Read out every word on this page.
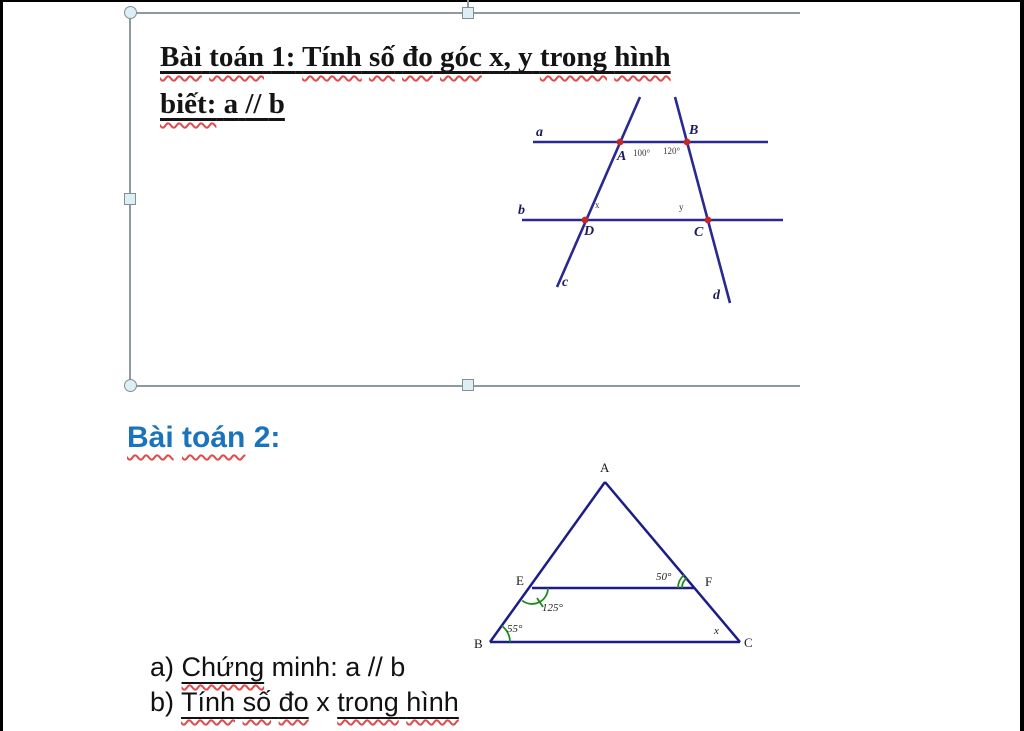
Bài toán 1: Tính số đo góc x, y trong hình
biết: a // b
a
b
c
d
A
B
D	C
100° 120°
x	y
Bài toán 2:
A
B	C
E	F
50°
125°
55°	x
a) Chứng minh: a // b
b) Tính số đo x trong hình
